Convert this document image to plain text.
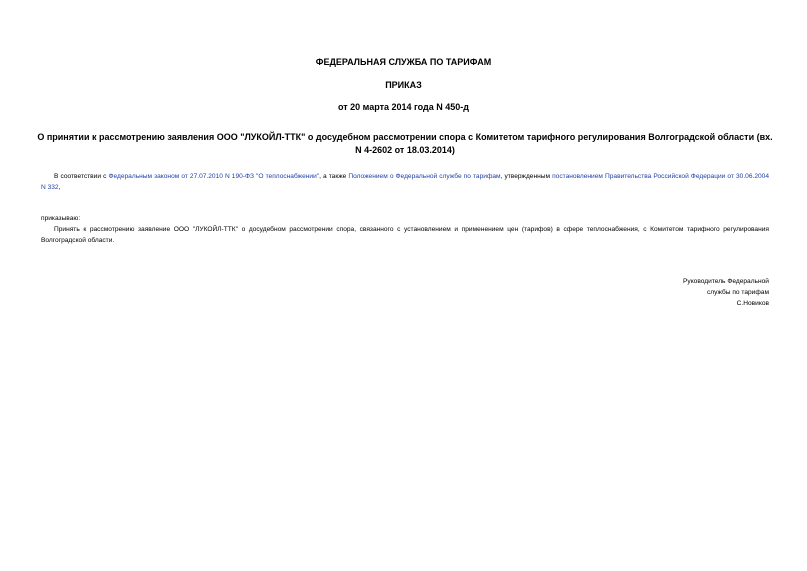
ФЕДЕРАЛЬНАЯ СЛУЖБА ПО ТАРИФАМ
ПРИКАЗ
от 20 марта 2014 года N 450-д
О принятии к рассмотрению заявления ООО "ЛУКОЙЛ-ТТК" о досудебном рассмотрении спора с Комитетом тарифного регулирования Волгоградской области (вх. N 4-2602 от 18.03.2014)
В соответствии с Федеральным законом от 27.07.2010 N 190-ФЗ "О теплоснабжении", а также Положением о Федеральной службе по тарифам, утвержденным постановлением Правительства Российской Федерации от 30.06.2004 N 332,
приказываю:
Принять к рассмотрению заявление ООО "ЛУКОЙЛ-ТТК" о досудебном рассмотрении спора, связанного с установлением и применением цен (тарифов) в сфере теплоснабжения, с Комитетом тарифного регулирования Волгоградской области.
Руководитель Федеральной
службы по тарифам
С.Новиков
